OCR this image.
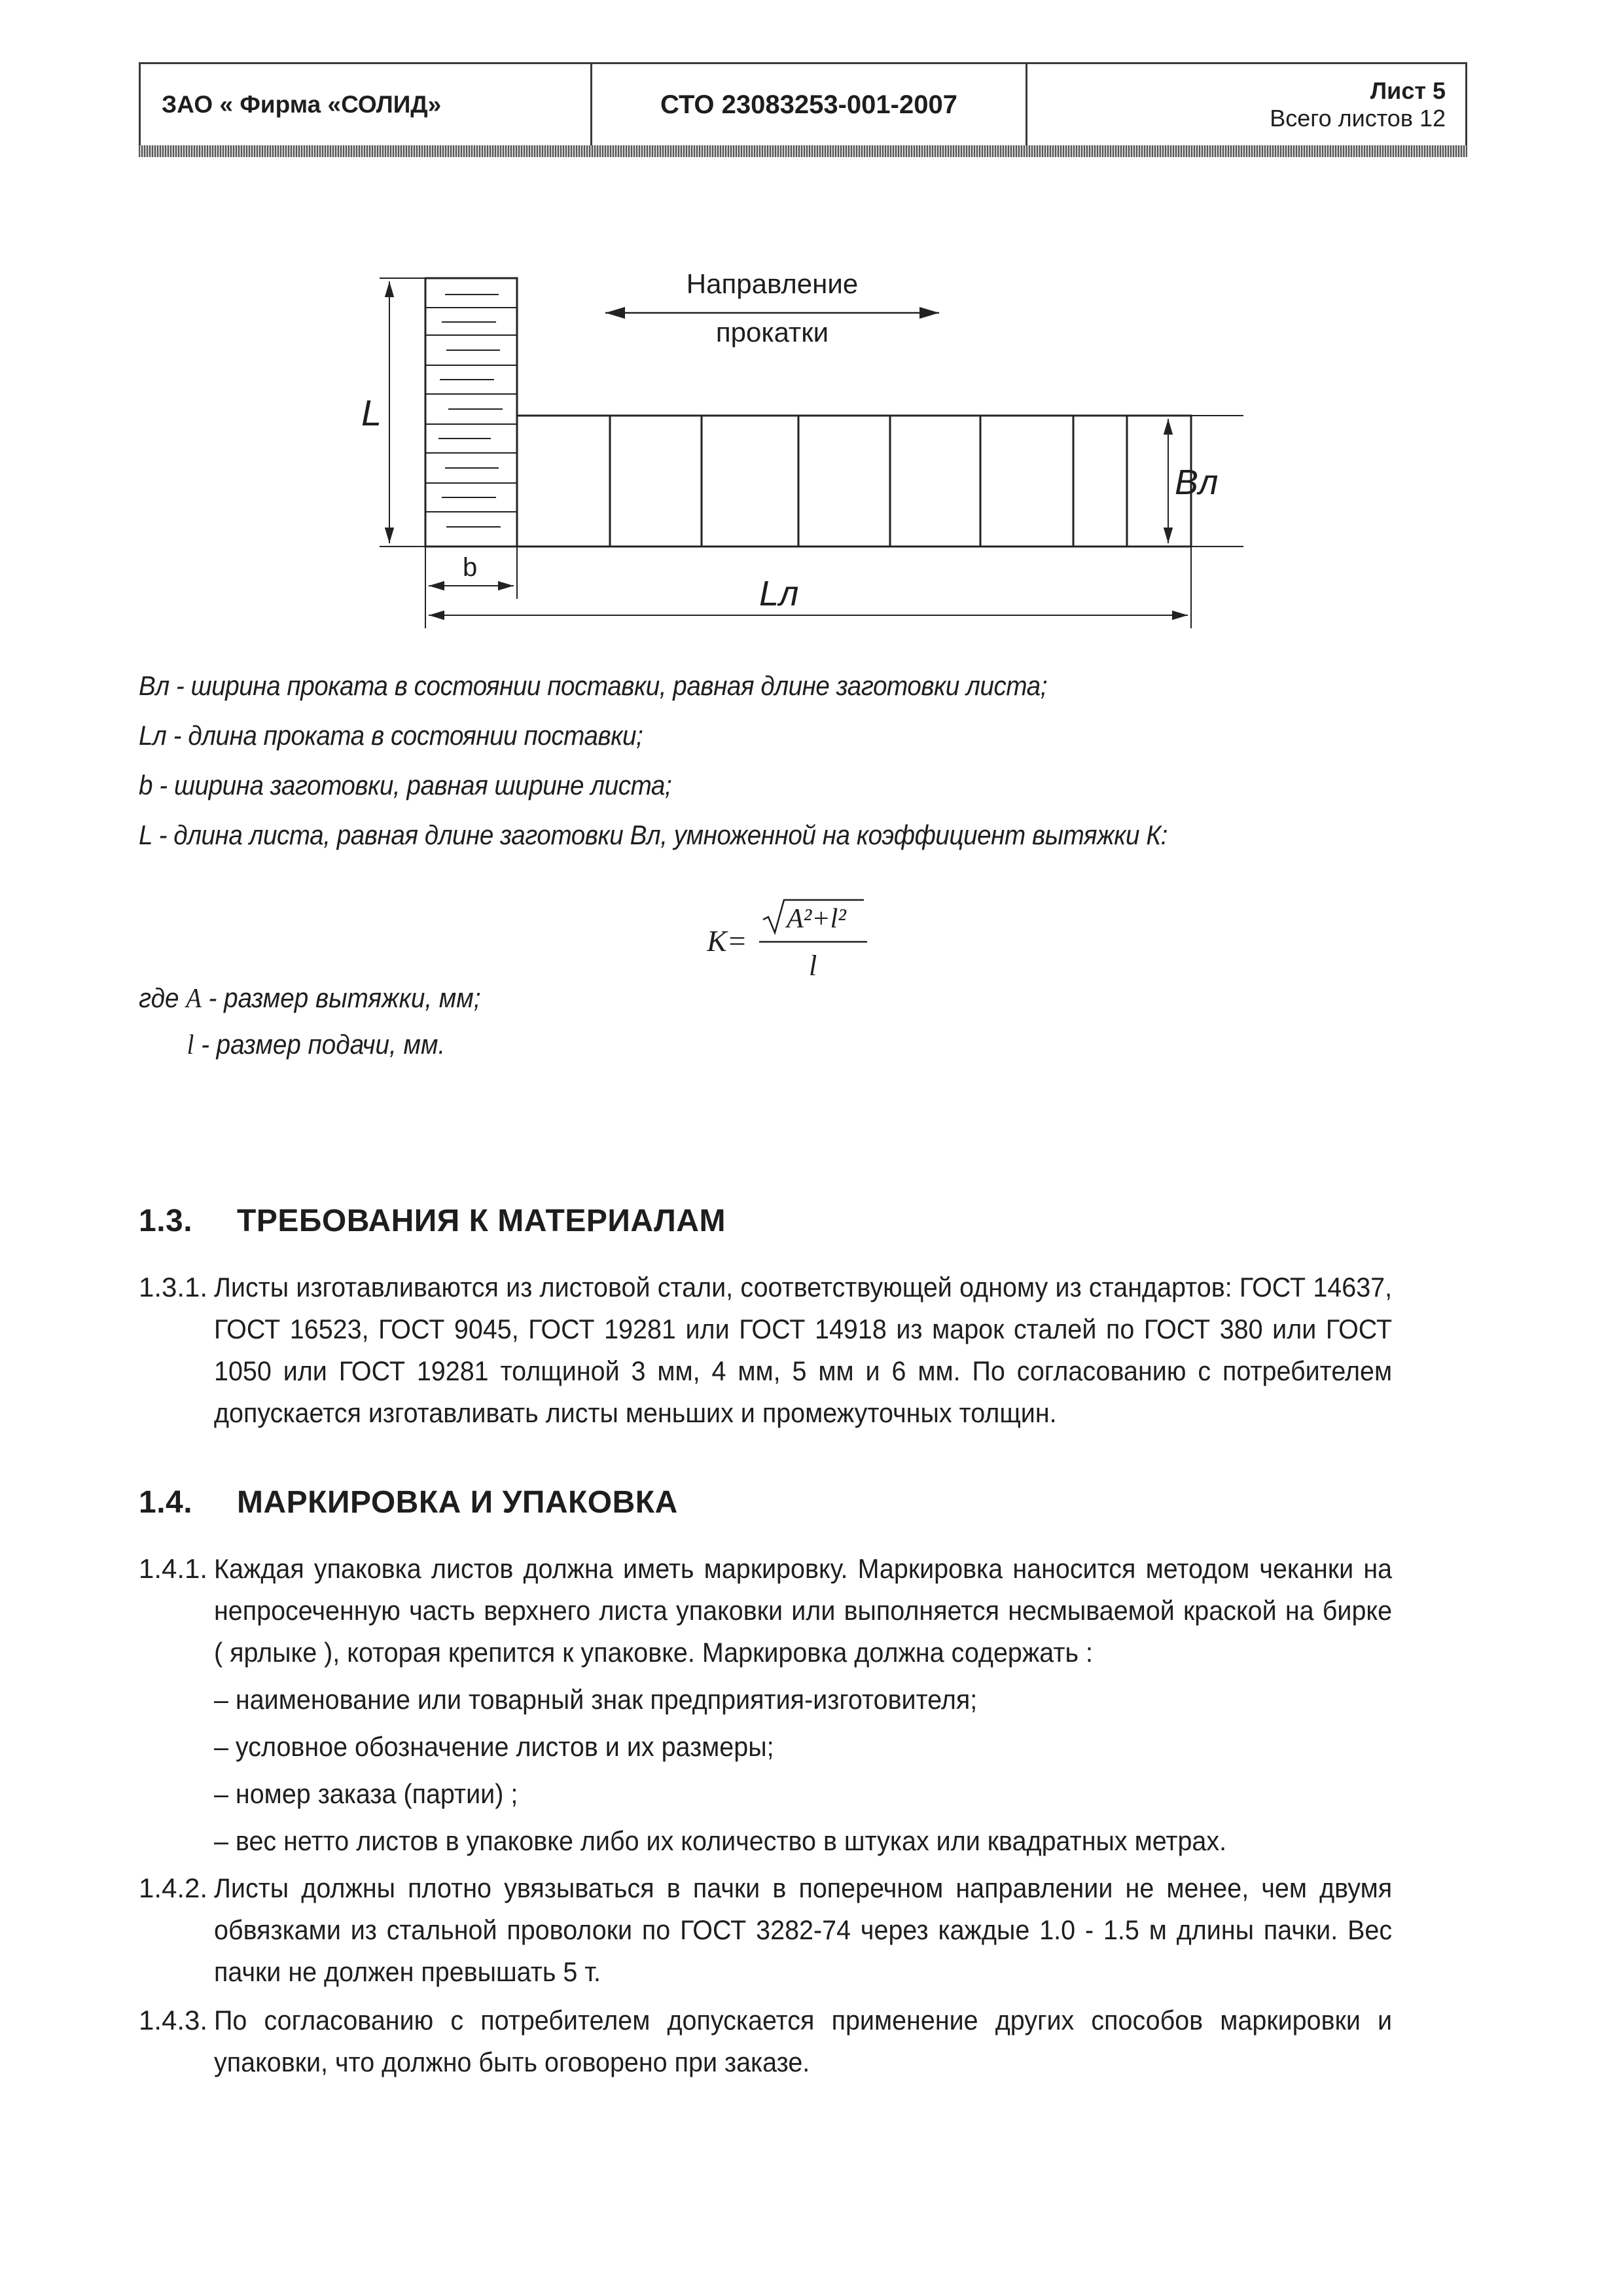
ЗАО « Фирма «СОЛИД»	СТО 23083253-001-2007	Лист 5
Всего листов 12
L
Bл
b
Lл
Направление
прокатки

Вл - ширина проката в состоянии поставки, равная длине заготовки листа;

Lл - длина проката в состоянии поставки;

b - ширина заготовки, равная ширине листа;

L - длина листа, равная длине заготовки Вл, умноженной на коэффициент вытяжки К:

K=
A²+l²
l

где A - размер вытяжки, мм;

l - размер подачи, мм.

1.3.	ТРЕБОВАНИЯ К МАТЕРИАЛАМ
1.3.1. Листы изготавливаются из листовой стали, соответствующей одному из стандартов: ГОСТ 14637, ГОСТ 16523, ГОСТ 9045, ГОСТ 19281 или ГОСТ 14918 из марок сталей по ГОСТ 380 или ГОСТ 1050 или ГОСТ 19281 толщиной 3 мм, 4 мм, 5 мм и 6 мм. По согласованию с потребителем допускается изготавливать листы меньших и промежуточных толщин.
1.4.	МАРКИРОВКА И УПАКОВКА
1.4.1. Каждая упаковка листов должна иметь маркировку. Маркировка наносится методом чеканки на непросеченную часть верхнего листа упаковки или выполняется несмываемой краской на бирке ( ярлыке ), которая крепится к упаковке. Маркировка должна содержать :

– наименование или товарный знак предприятия-изготовителя;

– условное обозначение листов и их размеры;

– номер заказа (партии) ;

– вес нетто листов в упаковке либо их количество в штуках или квадратных метрах.

1.4.2. Листы должны плотно увязываться в пачки в поперечном направлении не менее, чем двумя обвязками из стальной проволоки по ГОСТ 3282-74 через каждые 1.0 - 1.5 м длины пачки. Вес пачки не должен превышать 5 т.
1.4.3. По согласованию с потребителем допускается применение других способов маркировки и упаковки, что должно быть оговорено при заказе.
